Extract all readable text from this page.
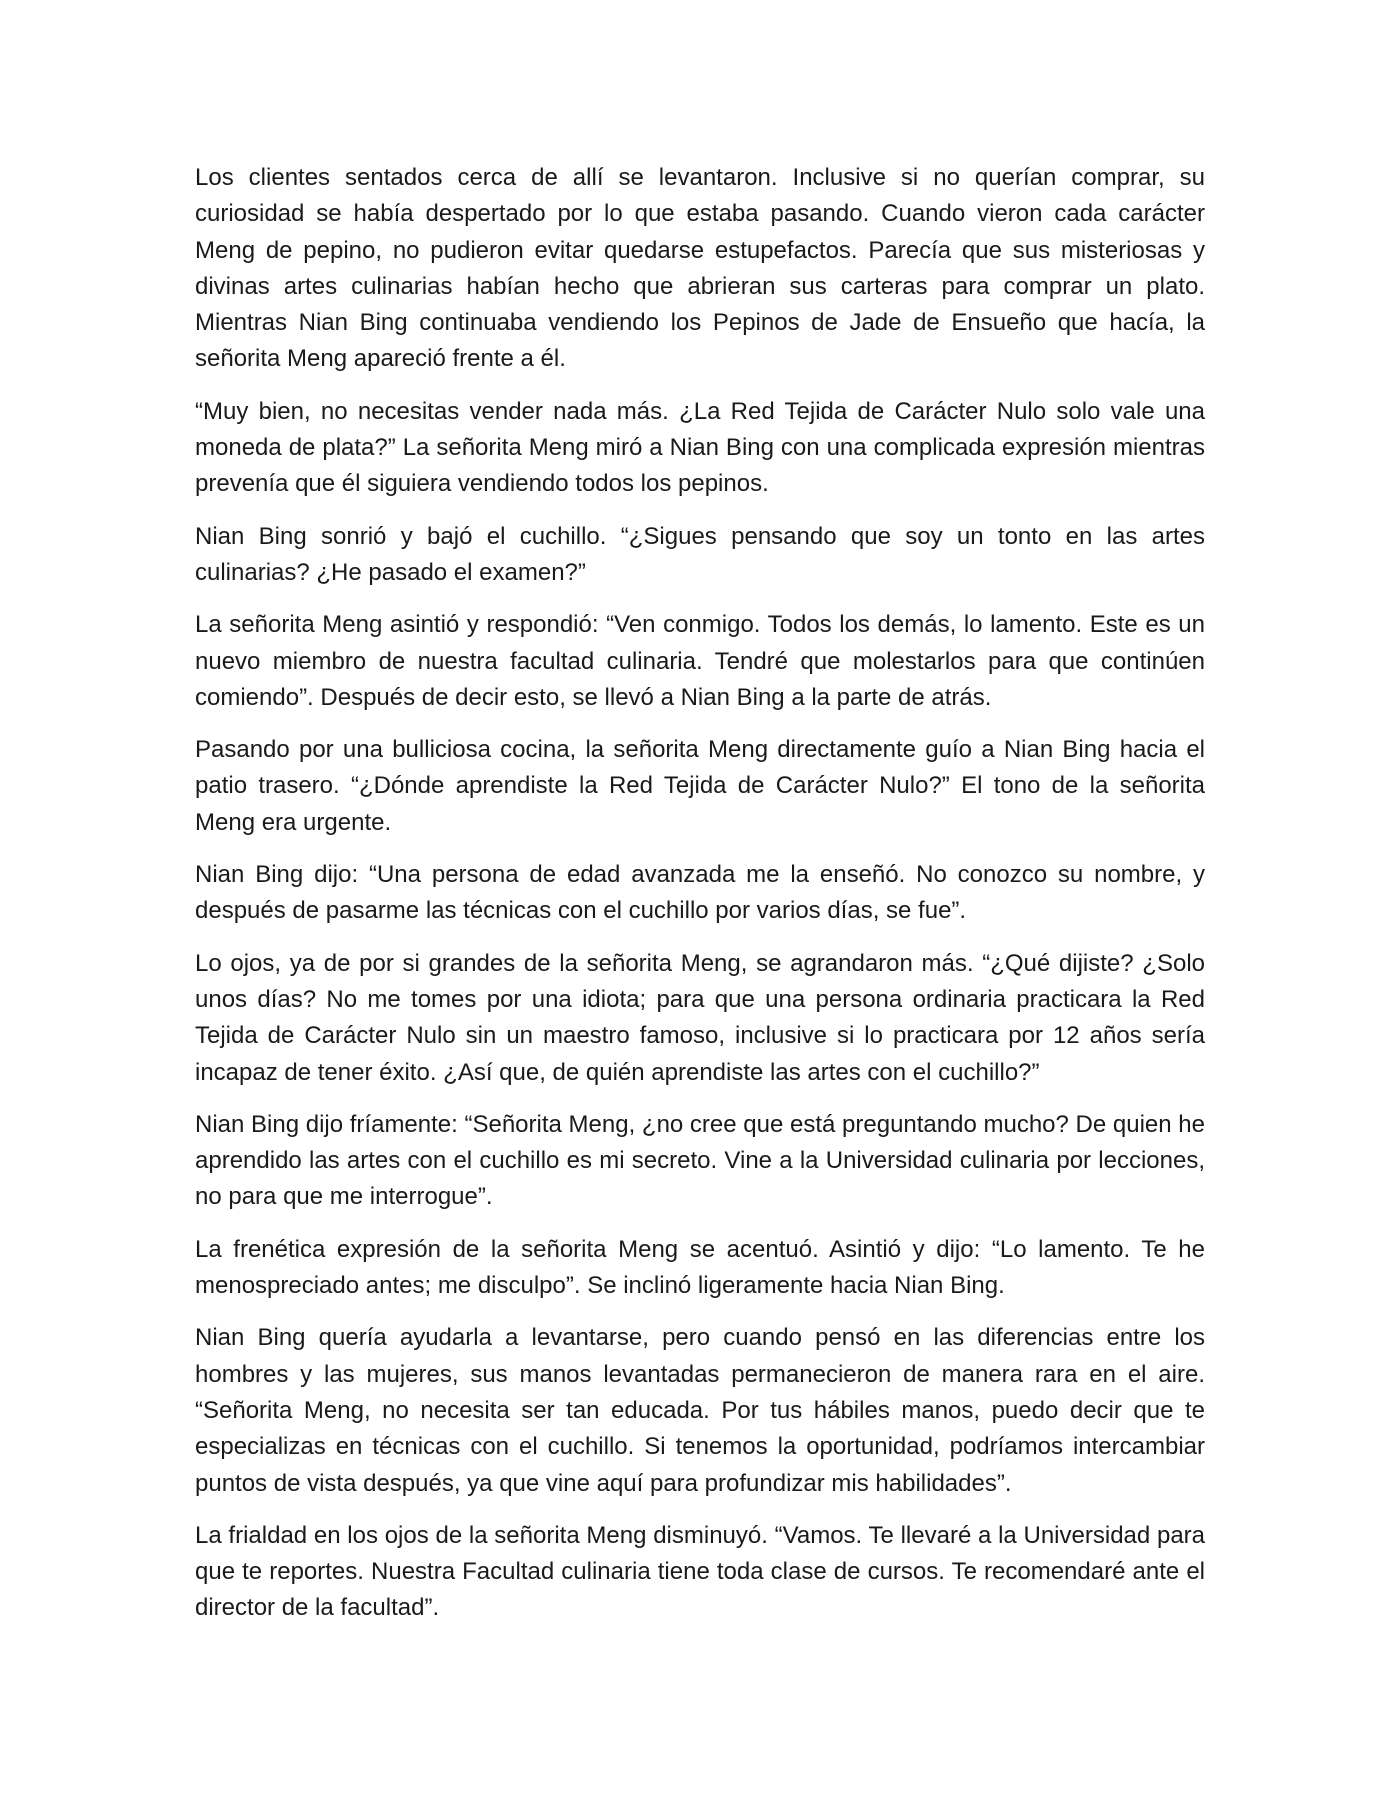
Los clientes sentados cerca de allí se levantaron. Inclusive si no querían comprar, su curiosidad se había despertado por lo que estaba pasando. Cuando vieron cada carácter Meng de pepino, no pudieron evitar quedarse estupefactos. Parecía que sus misteriosas y divinas artes culinarias habían hecho que abrieran sus carteras para comprar un plato. Mientras Nian Bing continuaba vendiendo los Pepinos de Jade de Ensueño que hacía, la señorita Meng apareció frente a él.

“Muy bien, no necesitas vender nada más. ¿La Red Tejida de Carácter Nulo solo vale una moneda de plata?” La señorita Meng miró a Nian Bing con una complicada expresión mientras prevenía que él siguiera vendiendo todos los pepinos.

Nian Bing sonrió y bajó el cuchillo. “¿Sigues pensando que soy un tonto en las artes culinarias? ¿He pasado el examen?”

La señorita Meng asintió y respondió: “Ven conmigo. Todos los demás, lo lamento. Este es un nuevo miembro de nuestra facultad culinaria. Tendré que molestarlos para que continúen comiendo”. Después de decir esto, se llevó a Nian Bing a la parte de atrás.

Pasando por una bulliciosa cocina, la señorita Meng directamente guío a Nian Bing hacia el patio trasero. “¿Dónde aprendiste la Red Tejida de Carácter Nulo?” El tono de la señorita Meng era urgente.

Nian Bing dijo: “Una persona de edad avanzada me la enseñó. No conozco su nombre, y después de pasarme las técnicas con el cuchillo por varios días, se fue”.

Lo ojos, ya de por si grandes de la señorita Meng, se agrandaron más. “¿Qué dijiste? ¿Solo unos días? No me tomes por una idiota; para que una persona ordinaria practicara la Red Tejida de Carácter Nulo sin un maestro famoso, inclusive si lo practicara por 12 años sería incapaz de tener éxito. ¿Así que, de quién aprendiste las artes con el cuchillo?”

Nian Bing dijo fríamente: “Señorita Meng, ¿no cree que está preguntando mucho? De quien he aprendido las artes con el cuchillo es mi secreto. Vine a la Universidad culinaria por lecciones, no para que me interrogue”.

La frenética expresión de la señorita Meng se acentuó. Asintió y dijo: “Lo lamento. Te he menospreciado antes; me disculpo”. Se inclinó ligeramente hacia Nian Bing.

Nian Bing quería ayudarla a levantarse, pero cuando pensó en las diferencias entre los hombres y las mujeres, sus manos levantadas permanecieron de manera rara en el aire. “Señorita Meng, no necesita ser tan educada. Por tus hábiles manos, puedo decir que te especializas en técnicas con el cuchillo. Si tenemos la oportunidad, podríamos intercambiar puntos de vista después, ya que vine aquí para profundizar mis habilidades”.

La frialdad en los ojos de la señorita Meng disminuyó. “Vamos. Te llevaré a la Universidad para que te reportes. Nuestra Facultad culinaria tiene toda clase de cursos. Te recomendaré ante el director de la facultad”.
